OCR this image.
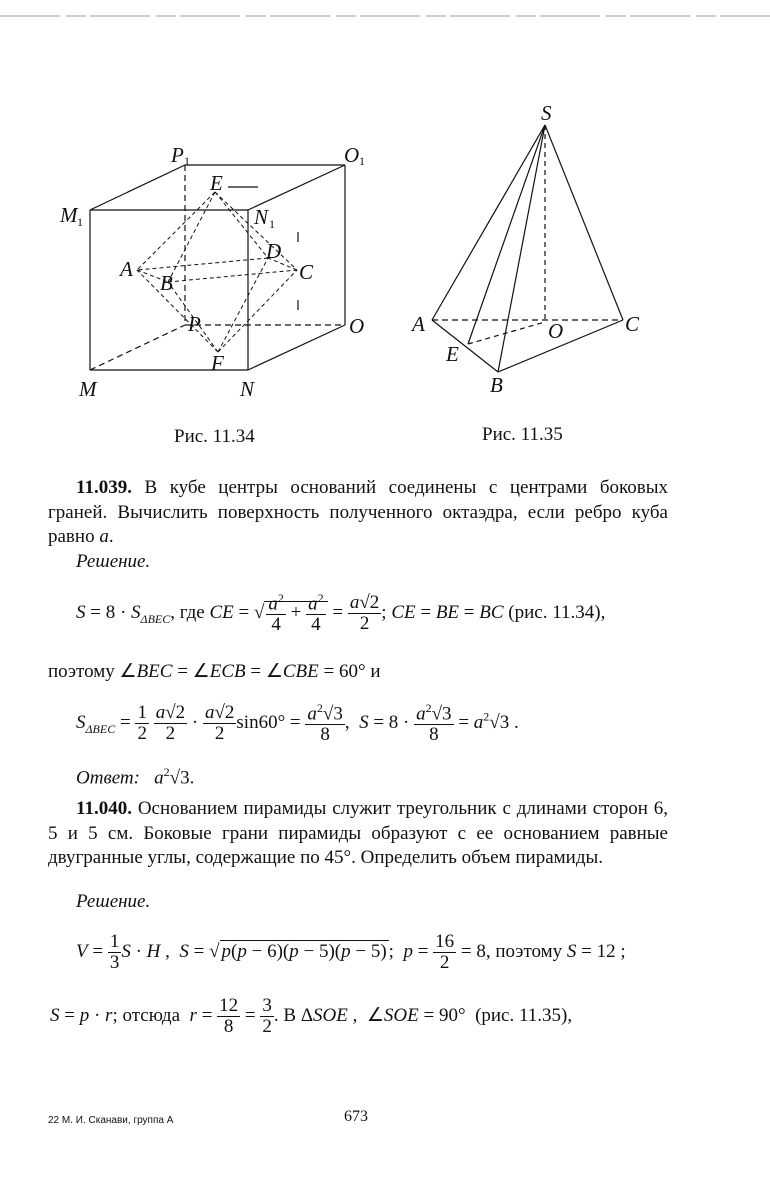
P 1	O 1
M 1	N 1
E
A
B	C
D
P
F
O
M	N
S
A	C
O
E
B
Рис. 11.34	Рис. 11.35
11.039. В кубе центры оснований соединены с центрами боковых граней. Вычислить поверхность полученного октаэдра, если ребро куба равно a.
Решение.
$S = 8 \cdot S_{\Delta BEC}$, где CE = √ $\frac{a^2}{4} + \frac{a^2}{4} = \frac{a√2}{2}$ ; CE = BE = BC (рис. 11.34),
поэтому ∠BEC = ∠ECB = ∠CBE = 60° и
$S_{\Delta BEC} = \frac{1}{2}$
$\frac{a√2}{2} \cdot \frac{a√2}{2} \sin 60^\circ = \frac{a^2√3}{8}$ ,  $S = 8 \cdot \frac{a^2√3}{8} = a^2√3$ .
Ответ: $a^2√3$.
11.040. Основанием пирамиды служит треугольник с длинами сторон 6, 5 и 5 см. Боковые грани пирамиды образуют с ее основанием равные двугранные углы, содержащие по 45°. Определить объем пирамиды.
Решение.
$V = \frac{1}{3}$ S · H ,  S = √ p(p − 6)(p − 5)(p − 5) ;  $p = \frac{16}{2} = 8$, поэтому S = 12 ;
S = p · r; отсюда $r = \frac{12}{8} = \frac{3}{2}$ . В ΔSOE ,  ∠SOE = 90°  (рис. 11.35),
22 М. И. Сканави, группа А	673
